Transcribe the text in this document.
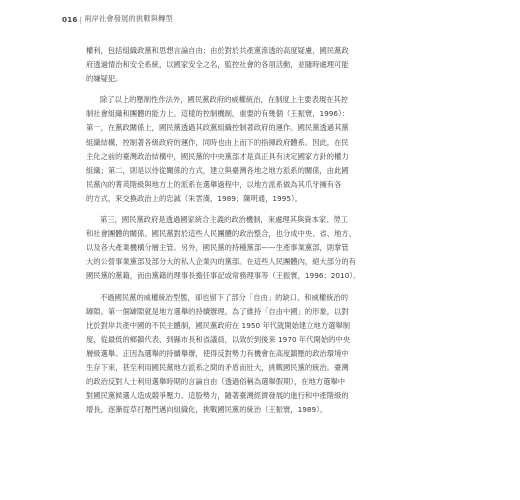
016 | 兩岸社會發展的挑戰與轉型
權利，包括組織政黨和思想言論自由；由於對於共產黨滲透的高度疑慮，國民黨政
府透過情治和安全系統，以國家安全之名，監控社會的各項活動，並隨時處理可能
的嫌疑犯。
除了以上的壓制性作法外，國民黨政府的威權統治，在制度上主要表現在其控
制社會組織和團體的能力上。這樣的控制機制，重要的有幾個（王振寰，1996）：
第一，在黨政關係上，國民黨透過其政黨組織控制著政府的運作。國民黨透過其黨
組織結構，控制著各級政府的運作，同時也由上而下的指揮政府體系。因此，在民
主化之前的臺灣政治結構中，國民黨的中央黨部才是真正具有決定國家方針的權力
組織；第二，則是以侍從關係的方式，建立與臺灣各地之地方派系的關係，由此國
民黨內的菁英階級與地方上的派系在選舉過程中，以地方派系做為其爪牙擁有各
的方式，來交換政治上的忠誠（朱雲漢，1989；陳明通，1995）。
第三，國民黨政府是透過國家統合主義的政治機制，來處理其與資本家、勞工
和社會團體的關係。國民黨對於這些人民團體的政治整合，也分成中央、省、地方、
以及各大產業機構分層主管。另外，國民黨的持種黨部——生產事業黨部，則掌管
大的公營事業黨部及部分大的私人企業內的黨部。在這些人民團體內，絕大部分的有
國民黨的黨籍，而由黨籍的理事長擔任事記或常務理事等（王振寰，1996；2010）。
不過國民黨的威權統治型態，卻也留下了部分「自由」的缺口，和威權統治的
罅隙。第一個罅隙就是地方選舉的持續辦理。為了維持「自由中國」的形象，以對
比於對岸共產中國的不民主體制，國民黨政府在 1950 年代就開始建立地方選舉制
度，從最低的鄉鎮代表、到縣市長和省議員，以致於到後來 1970 年代開始的中央
層級選舉。正因為選舉的持續舉辦，使得反對勢力有機會在高度鎮壓的政治環境中
生存下來，甚至利用國民黨地方派系之間的矛盾而壯大，挑戰國民黨的統治。臺灣
的政治反對人士利用選舉時期的言論自由（透過俗稱為選舉假期），在地方選舉中
對國民黨候選人造成競爭壓力。這股勢力，隨著臺灣經濟發展的進行和中產階級的
增長，逐漸從草打壓門邁向組織化，挑戰國民黨的統治（王振寰，1989）。
